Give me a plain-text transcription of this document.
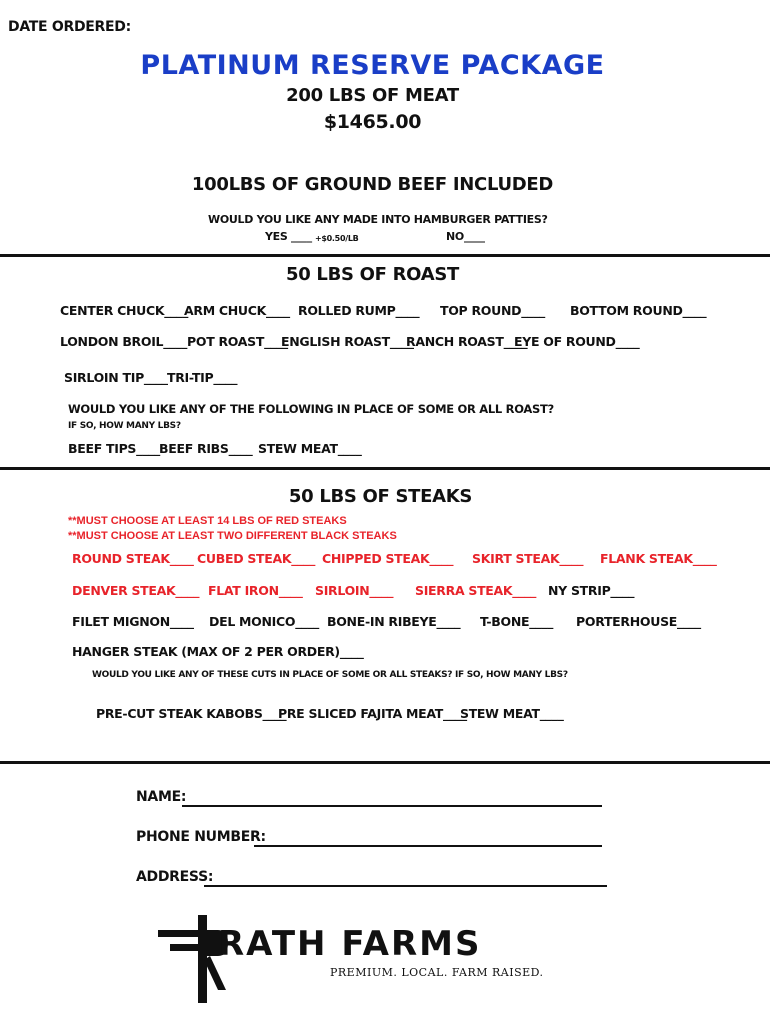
DATE ORDERED:
PLATINUM RESERVE PACKAGE
200 LBS OF MEAT
$1465.00
100LBS OF GROUND BEEF INCLUDED
WOULD YOU LIKE ANY MADE INTO HAMBURGER PATTIES?
YES ____ +$0.50/LB	NO____
50 LBS OF ROAST
CENTER CHUCK____
ARM CHUCK____ ROLLED RUMP____ TOP ROUND____ BOTTOM ROUND____
LONDON BROIL____ POT ROAST____
ENGLISH ROAST____
RANCH ROAST____
EYE OF ROUND____
SIRLOIN TIP____ TRI-TIP____
WOULD YOU LIKE ANY OF THE FOLLOWING IN PLACE OF SOME OR ALL ROAST?
IF SO, HOW MANY LBS?
BEEF TIPS____ BEEF RIBS____ STEW MEAT____
50 LBS OF STEAKS
**MUST CHOOSE AT LEAST 14 LBS OF RED STEAKS
**MUST CHOOSE AT LEAST TWO DIFFERENT BLACK STEAKS
ROUND STEAK____ CUBED STEAK____ CHIPPED STEAK____ SKIRT STEAK____ FLANK STEAK____
DENVER STEAK____ FLAT IRON____ SIRLOIN____ SIERRA STEAK____ NY STRIP____
FILET MIGNON____ DEL MONICO____ BONE-IN RIBEYE____ T-BONE____ PORTERHOUSE____
HANGER STEAK (MAX OF 2 PER ORDER)____
WOULD YOU LIKE ANY OF THESE CUTS IN PLACE OF SOME OR ALL STEAKS? IF SO, HOW MANY LBS?
PRE-CUT STEAK KABOBS____
PRE SLICED FAJITA MEAT____
STEW MEAT____
NAME:
PHONE NUMBER:
ADDRESS:
RATH FARMS
PREMIUM. LOCAL. FARM RAISED.
